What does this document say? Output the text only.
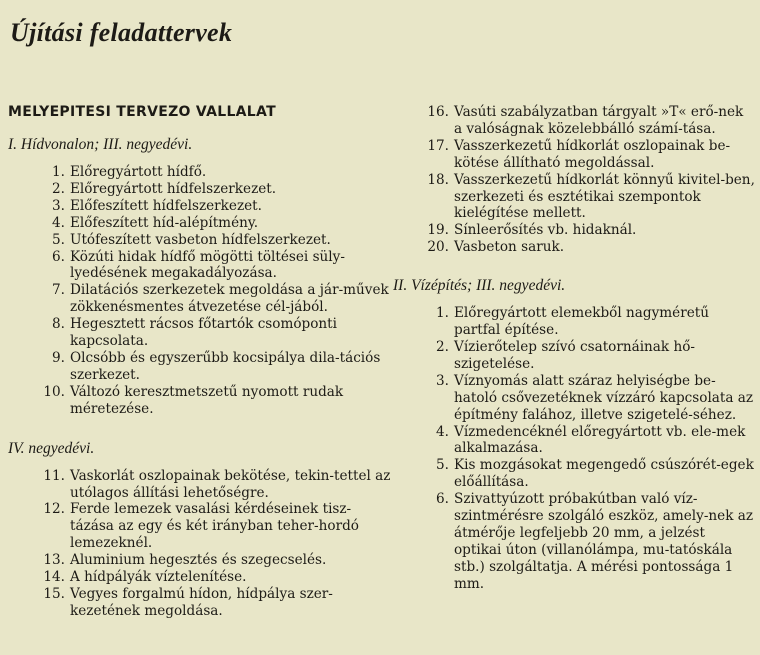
Újítási feladattervek
MELYEPITESI TERVEZO VALLALAT
I. Hídvonalon; III. negyedévi.
1. Előregyártott hídfő.
2. Előregyártott hídfelszerkezet.
3. Előfeszített hídfelszerkezet.
4. Előfeszített híd-alépítmény.
5. Utófeszített vasbeton hídfelszerkezet.
6. Közúti hidak hídfő mögötti töltései süly-lyedésének megakadályozása.
7. Dilatációs szerkezetek megoldása a jár-művek zökkenésmentes átvezetése cél-jából.
8. Hegesztett rácsos főtartók csomóponti kapcsolata.
9. Olcsóbb és egyszerűbb kocsipálya dila-tációs szerkezet.
10. Változó keresztmetszetű nyomott rudak méretezése.
IV. negyedévi.
11. Vaskorlát oszlopainak bekötése, tekin-tettel az utólagos állítási lehetőségre.
12. Ferde lemezek vasalási kérdéseinek tisz-tázása az egy és két irányban teher-hordó lemezeknél.
13. Aluminium hegesztés és szegecselés.
14. A hídpályák víztelenítése.
15. Vegyes forgalmú hídon, hídpálya szer-kezetének megoldása.
16. Vasúti szabályzatban tárgyalt »T« erő-nek a valóságnak közelebbálló számí-tása.
17. Vasszerkezetű hídkorlát oszlopainak be-kötése állítható megoldással.
18. Vasszerkezetű hídkorlát könnyű kivitel-ben, szerkezeti és esztétikai szempontok kielégítése mellett.
19. Sínleerősítés vb. hidaknál.
20. Vasbeton saruk.
II. Vízépítés; III. negyedévi.
1. Előregyártott elemekből nagyméretű partfal építése.
2. Vízierőtelep szívó csatornáinak hő-szigetelése.
3. Víznyomás alatt száraz helyiségbe be-hatoló csővezetéknek vízzáró kapcsolata az építmény falához, illetve szigetelé-séhez.
4. Vízmedencéknél előregyártott vb. ele-mek alkalmazása.
5. Kis mozgásokat megengedő csúszórét-egek előállítása.
6. Szivattyúzott próbakútban való víz-szintmérésre szolgáló eszköz, amely-nek az átmérője legfeljebb 20 mm, a jelzést optikai úton (villanólámpa, mu-tatóskála stb.) szolgáltatja. A mérési pontossága 1 mm.
